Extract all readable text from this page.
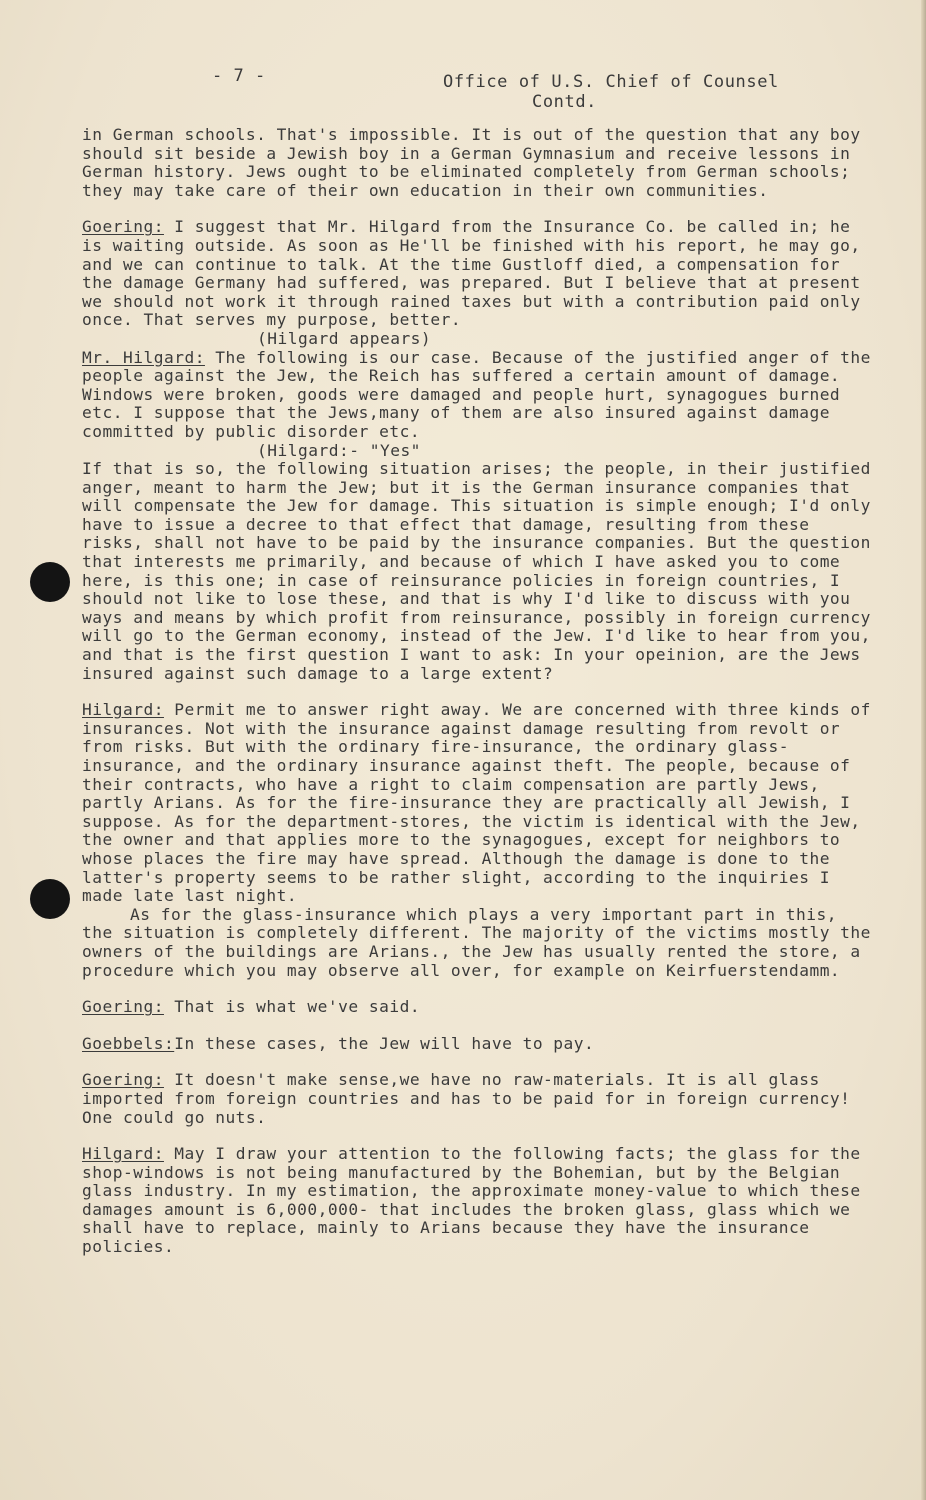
- 7 -	Office of U.S. Chief of Counsel
Contd.

in German schools. That's impossible. It is out of the question that any boy should sit beside a Jewish boy in a German Gymnasium and receive lessons in German history. Jews ought to be eliminated completely from German schools; they may take care of their own education in their own communities.

Goering: I suggest that Mr. Hilgard from the Insurance Co. be called in; he is waiting outside. As soon as He'll be finished with his report, he may go, and we can continue to talk. At the time Gustloff died, a compensation for the damage Germany had suffered, was prepared. But I believe that at present we should not work it through rained taxes but with a contribution paid only once. That serves my purpose, better.

(Hilgard appears)

Mr. Hilgard: The following is our case. Because of the justified anger of the people against the Jew, the Reich has suffered a certain amount of damage. Windows were broken, goods were damaged and people hurt, synagogues burned etc. I suppose that the Jews,many of them are also insured against damage committed by public disorder etc.

(Hilgard:- "Yes"

If that is so, the following situation arises; the people, in their justified anger, meant to harm the Jew; but it is the German insurance companies that will compensate the Jew for damage. This situation is simple enough; I'd only have to issue a decree to that effect that damage, resulting from these risks, shall not have to be paid by the insurance companies. But the question that interests me primarily, and because of which I have asked you to come here, is this one; in case of reinsurance policies in foreign countries, I should not like to lose these, and that is why I'd like to discuss with you ways and means by which profit from reinsurance, possibly in foreign currency will go to the German economy, instead of the Jew. I'd like to hear from you, and that is the first question I want to ask: In your opeinion, are the Jews insured against such damage to a large extent?

Hilgard: Permit me to answer right away. We are concerned with three kinds of insurances. Not with the insurance against damage resulting from revolt or from risks. But with the ordinary fire-insurance, the ordinary glass-insurance, and the ordinary insurance against theft. The people, because of their contracts, who have a right to claim compensation are partly Jews, partly Arians. As for the fire-insurance they are practically all Jewish, I suppose. As for the department-stores, the victim is identical with the Jew, the owner and that applies more to the synagogues, except for neighbors to whose places the fire may have spread. Although the damage is done to the latter's property seems to be rather slight, according to the inquiries I made late last night.

As for the glass-insurance which plays a very important part in this, the situation is completely different. The majority of the victims mostly the owners of the buildings are Arians., the Jew has usually rented the store, a procedure which you may observe all over, for example on Keirfuerstendamm.

Goering: That is what we've said.

Goebbels:In these cases, the Jew will have to pay.

Goering: It doesn't make sense,we have no raw-materials. It is all glass imported from foreign countries and has to be paid for in foreign currency! One could go nuts.

Hilgard: May I draw your attention to the following facts; the glass for the shop-windows is not being manufactured by the Bohemian, but by the Belgian glass industry. In my estimation, the approximate money-value to which these damages amount is 6,000,000- that includes the broken glass, glass which we shall have to replace, mainly to Arians because they have the insurance policies.
